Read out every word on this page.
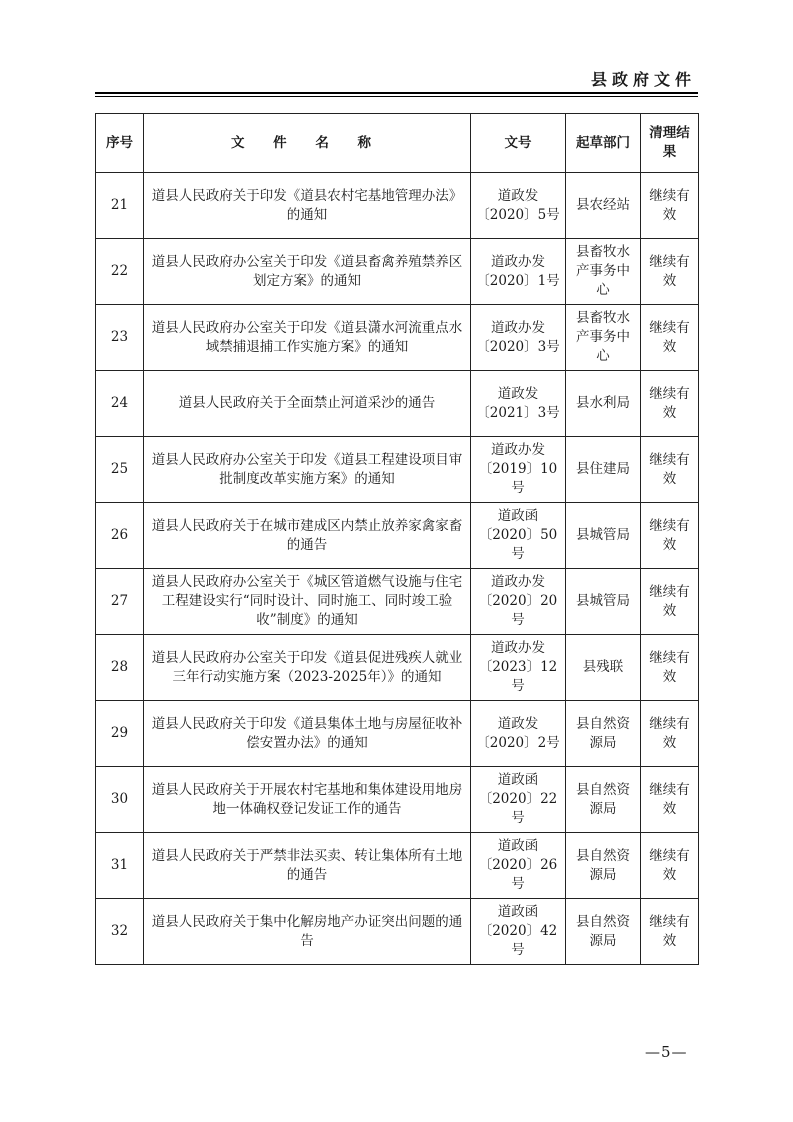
县政府文件
序号	文 件 名 称	文号	起草部门	清理结果
21	道县人民政府关于印发《道县农村宅基地管理办法》的通知	道政发〔2020〕5号	县农经站	继续有效
22	道县人民政府办公室关于印发《道县畜禽养殖禁养区划定方案》的通知	道政办发〔2020〕1号	县畜牧水产事务中心	继续有效
23	道县人民政府办公室关于印发《道县潇水河流重点水域禁捕退捕工作实施方案》的通知	道政办发〔2020〕3号	县畜牧水产事务中心	继续有效
24	道县人民政府关于全面禁止河道采沙的通告	道政发〔2021〕3号	县水利局	继续有效
25	道县人民政府办公室关于印发《道县工程建设项目审批制度改革实施方案》的通知	道政办发〔2019〕10号	县住建局	继续有效
26	道县人民政府关于在城市建成区内禁止放养家禽家畜的通告	道政函〔2020〕50号	县城管局	继续有效
27	道县人民政府办公室关于《城区管道燃气设施与住宅工程建设实行“同时设计、同时施工、同时竣工验收”制度》的通知	道政办发〔2020〕20号	县城管局	继续有效
28	道县人民政府办公室关于印发《道县促进残疾人就业三年行动实施方案（2023-2025年）》的通知	道政办发〔2023〕12号	县残联	继续有效
29	道县人民政府关于印发《道县集体土地与房屋征收补偿安置办法》的通知	道政发〔2020〕2号	县自然资源局	继续有效
30	道县人民政府关于开展农村宅基地和集体建设用地房地一体确权登记发证工作的通告	道政函〔2020〕22号	县自然资源局	继续有效
31	道县人民政府关于严禁非法买卖、转让集体所有土地的通告	道政函〔2020〕26号	县自然资源局	继续有效
32	道县人民政府关于集中化解房地产办证突出问题的通告	道政函〔2020〕42号	县自然资源局	继续有效
—5—
